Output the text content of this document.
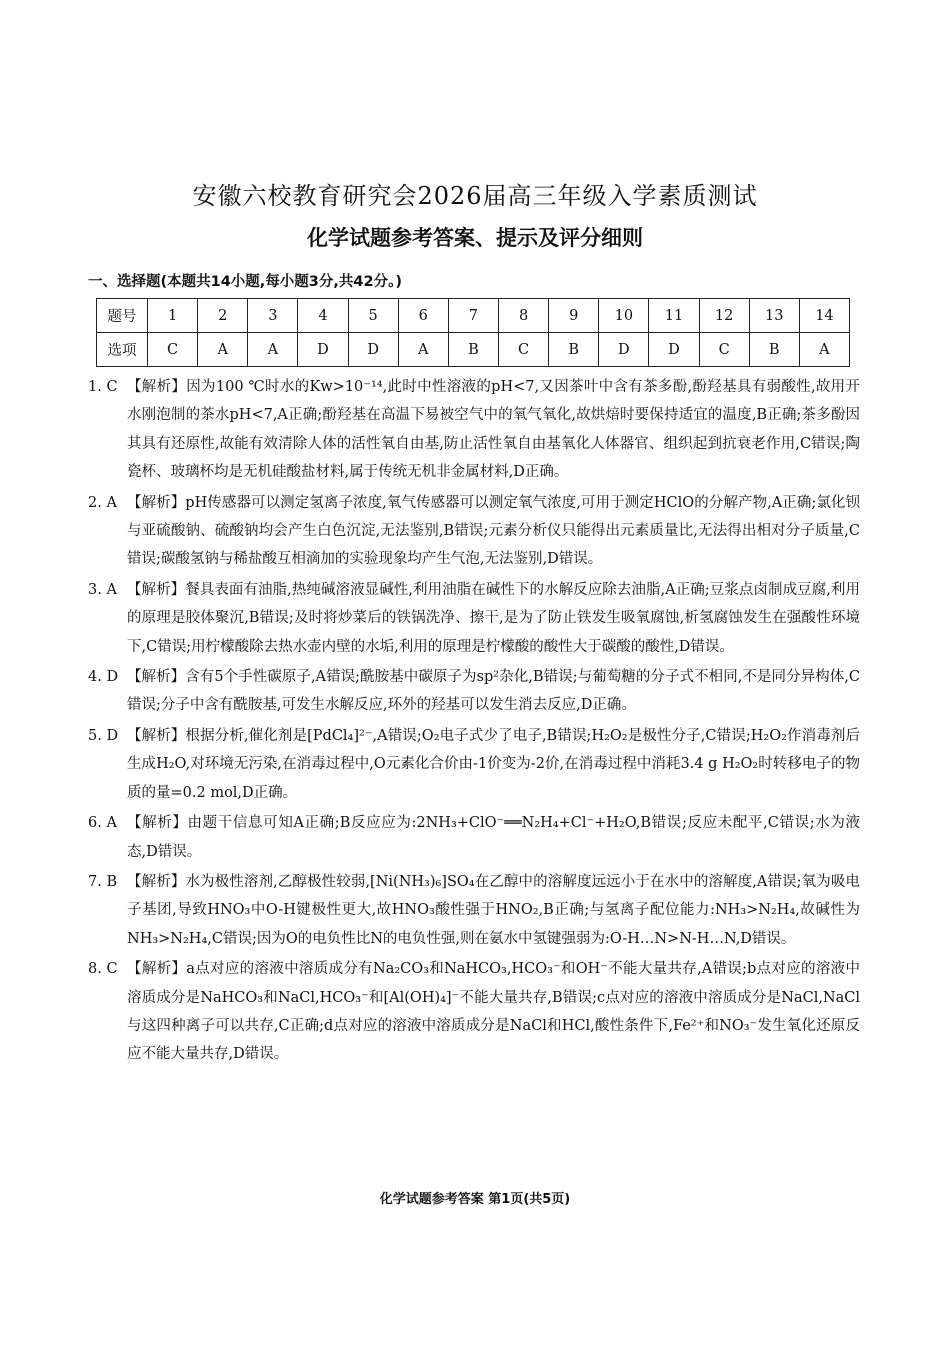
安徽六校教育研究会2026届高三年级入学素质测试
化学试题参考答案、提示及评分细则
一、选择题(本题共14小题,每小题3分,共42分。)
题号	1	2	3	4	5	6	7	8	9	10	11	12	13	14
选项	C	A	A	D	D	A	B	C	B	D	D	C	B	A
1. C 【解析】因为100 ℃时水的Kw>10⁻¹⁴,此时中性溶液的pH<7,又因茶叶中含有茶多酚,酚羟基具有弱酸性,故用开水刚泡制的茶水pH<7,A正确;酚羟基在高温下易被空气中的氧气氧化,故烘焙时要保持适宜的温度,B正确;茶多酚因其具有还原性,故能有效清除人体的活性氧自由基,防止活性氧自由基氧化人体器官、组织起到抗衰老作用,C错误;陶瓷杯、玻璃杯均是无机硅酸盐材料,属于传统无机非金属材料,D正确。
2. A 【解析】pH传感器可以测定氢离子浓度,氧气传感器可以测定氧气浓度,可用于测定HClO的分解产物,A正确;氯化钡与亚硫酸钠、硫酸钠均会产生白色沉淀,无法鉴别,B错误;元素分析仪只能得出元素质量比,无法得出相对分子质量,C错误;碳酸氢钠与稀盐酸互相滴加的实验现象均产生气泡,无法鉴别,D错误。
3. A 【解析】餐具表面有油脂,热纯碱溶液显碱性,利用油脂在碱性下的水解反应除去油脂,A正确;豆浆点卤制成豆腐,利用的原理是胶体聚沉,B错误;及时将炒菜后的铁锅洗净、擦干,是为了防止铁发生吸氧腐蚀,析氢腐蚀发生在强酸性环境下,C错误;用柠檬酸除去热水壶内壁的水垢,利用的原理是柠檬酸的酸性大于碳酸的酸性,D错误。
4. D 【解析】含有5个手性碳原子,A错误;酰胺基中碳原子为sp²杂化,B错误;与葡萄糖的分子式不相同,不是同分异构体,C错误;分子中含有酰胺基,可发生水解反应,环外的羟基可以发生消去反应,D正确。
5. D 【解析】根据分析,催化剂是[PdCl₄]²⁻,A错误;O₂电子式少了电子,B错误;H₂O₂是极性分子,C错误;H₂O₂作消毒剂后生成H₂O,对环境无污染,在消毒过程中,O元素化合价由-1价变为-2价,在消毒过程中消耗3.4 g H₂O₂时转移电子的物质的量=0.2 mol,D正确。
6. A 【解析】由题干信息可知A正确;B反应应为:2NH₃+ClO⁻══N₂H₄+Cl⁻+H₂O,B错误;反应未配平,C错误;水为液态,D错误。
7. B 【解析】水为极性溶剂,乙醇极性较弱,[Ni(NH₃)₆]SO₄在乙醇中的溶解度远远小于在水中的溶解度,A错误;氧为吸电子基团,导致HNO₃中O-H键极性更大,故HNO₃酸性强于HNO₂,B正确;与氢离子配位能力:NH₃>N₂H₄,故碱性为NH₃>N₂H₄,C错误;因为O的电负性比N的电负性强,则在氨水中氢键强弱为:O-H…N>N-H…N,D错误。
8. C 【解析】a点对应的溶液中溶质成分有Na₂CO₃和NaHCO₃,HCO₃⁻和OH⁻不能大量共存,A错误;b点对应的溶液中溶质成分是NaHCO₃和NaCl,HCO₃⁻和[Al(OH)₄]⁻不能大量共存,B错误;c点对应的溶液中溶质成分是NaCl,NaCl与这四种离子可以共存,C正确;d点对应的溶液中溶质成分是NaCl和HCl,酸性条件下,Fe²⁺和NO₃⁻发生氧化还原反应不能大量共存,D错误。
化学试题参考答案 第1页(共5页)
